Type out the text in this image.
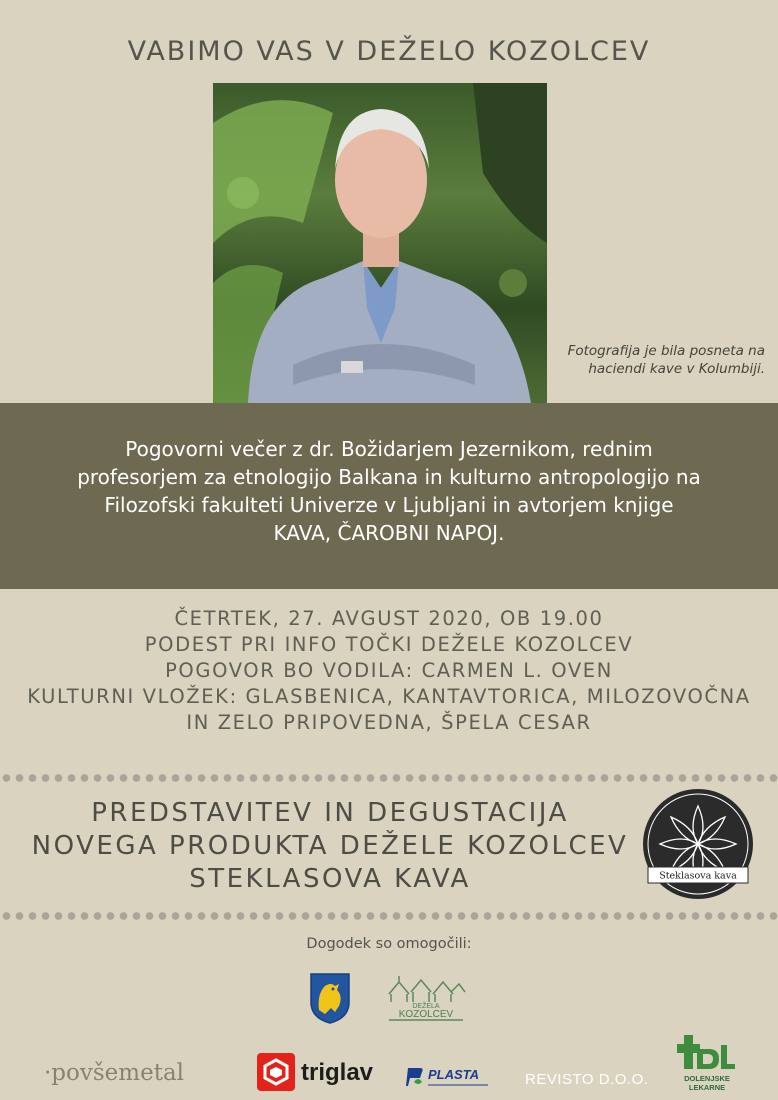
VABIMO VAS V DEŽELO KOZOLCEV
Fotografija je bila posneta na
haciendi kave v Kolumbiji.
Pogovorni večer z dr. Božidarjem Jezernikom, rednim
profesorjem za etnologijo Balkana in kulturno antropologijo na
Filozofski fakulteti Univerze v Ljubljani in avtorjem knjige
KAVA, ČAROBNI NAPOJ.
ČETRTEK, 27. AVGUST 2020, OB 19.00
PODEST PRI INFO TOČKI DEŽELE KOZOLCEV
POGOVOR BO VODILA: CARMEN L. OVEN
KULTURNI VLOŽEK: GLASBENICA, KANTAVTORICA, MILOZOVOČNA
IN ZELO PRIPOVEDNA, ŠPELA CESAR
PREDSTAVITEV IN DEGUSTACIJA
NOVEGA PRODUKTA DEŽELE KOZOLCEV
STEKLASOVA KAVA	Steklasova kava
Dogodek so omogočili:
DEŽELA
KOZOLCEV
·povšemetal	triglav	PLASTA	REVISTO D.O.O.	DOLENJSKE
LEKARNE
